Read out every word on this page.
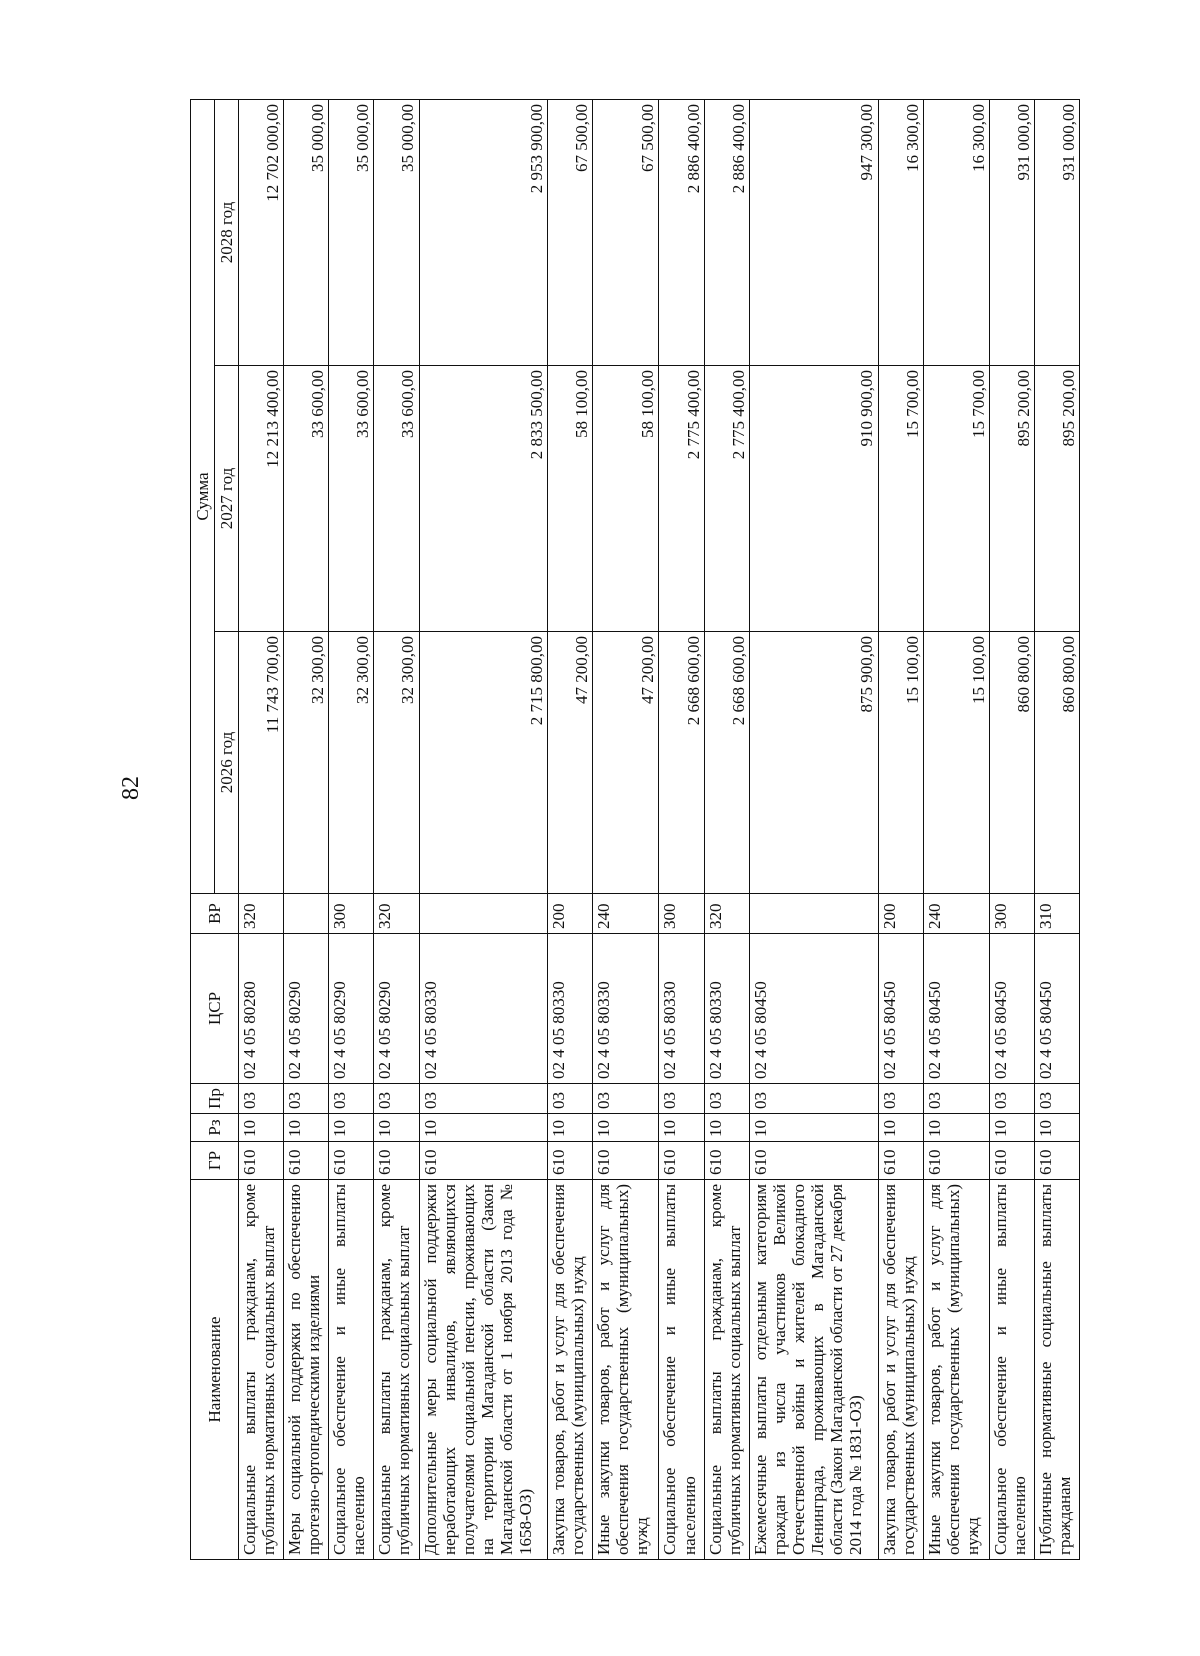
82
Наименование	ГР	Рз	Пр	ЦСР	ВР	Сумма		
						2026 год	2027 год	2028 год
Социальные выплаты гражданам, кроме публичных нормативных социальных выплат	610	10	03	02 4 05 80280	320	11 743 700,00	12 213 400,00	12 702 000,00
Меры социальной поддержки по обеспечению протезно-ортопедическими изделиями	610	10	03	02 4 05 80290		32 300,00	33 600,00	35 000,00
Социальное обеспечение и иные выплаты населению	610	10	03	02 4 05 80290	300	32 300,00	33 600,00	35 000,00
Социальные выплаты гражданам, кроме публичных нормативных социальных выплат	610	10	03	02 4 05 80290	320	32 300,00	33 600,00	35 000,00
Дополнительные меры социальной поддержки неработающих инвалидов, являющихся получателями социальной пенсии, проживающих на территории Магаданской области (Закон Магаданской области от 1 ноября 2013 года № 1658-ОЗ)	610	10	03	02 4 05 80330		2 715 800,00	2 833 500,00	2 953 900,00
Закупка товаров, работ и услуг для обеспечения государственных (муниципальных) нужд	610	10	03	02 4 05 80330	200	47 200,00	58 100,00	67 500,00
Иные закупки товаров, работ и услуг для обеспечения государственных (муниципальных) нужд	610	10	03	02 4 05 80330	240	47 200,00	58 100,00	67 500,00
Социальное обеспечение и иные выплаты населению	610	10	03	02 4 05 80330	300	2 668 600,00	2 775 400,00	2 886 400,00
Социальные выплаты гражданам, кроме публичных нормативных социальных выплат	610	10	03	02 4 05 80330	320	2 668 600,00	2 775 400,00	2 886 400,00
Ежемесячные выплаты отдельным категориям граждан из числа участников Великой Отечественной войны и жителей блокадного Ленинграда, проживающих в Магаданской области (Закон Магаданской области от 27 декабря 2014 года № 1831-ОЗ)	610	10	03	02 4 05 80450		875 900,00	910 900,00	947 300,00
Закупка товаров, работ и услуг для обеспечения государственных (муниципальных) нужд	610	10	03	02 4 05 80450	200	15 100,00	15 700,00	16 300,00
Иные закупки товаров, работ и услуг для обеспечения государственных (муниципальных) нужд	610	10	03	02 4 05 80450	240	15 100,00	15 700,00	16 300,00
Социальное обеспечение и иные выплаты населению	610	10	03	02 4 05 80450	300	860 800,00	895 200,00	931 000,00
Публичные нормативные социальные выплаты гражданам	610	10	03	02 4 05 80450	310	860 800,00	895 200,00	931 000,00
